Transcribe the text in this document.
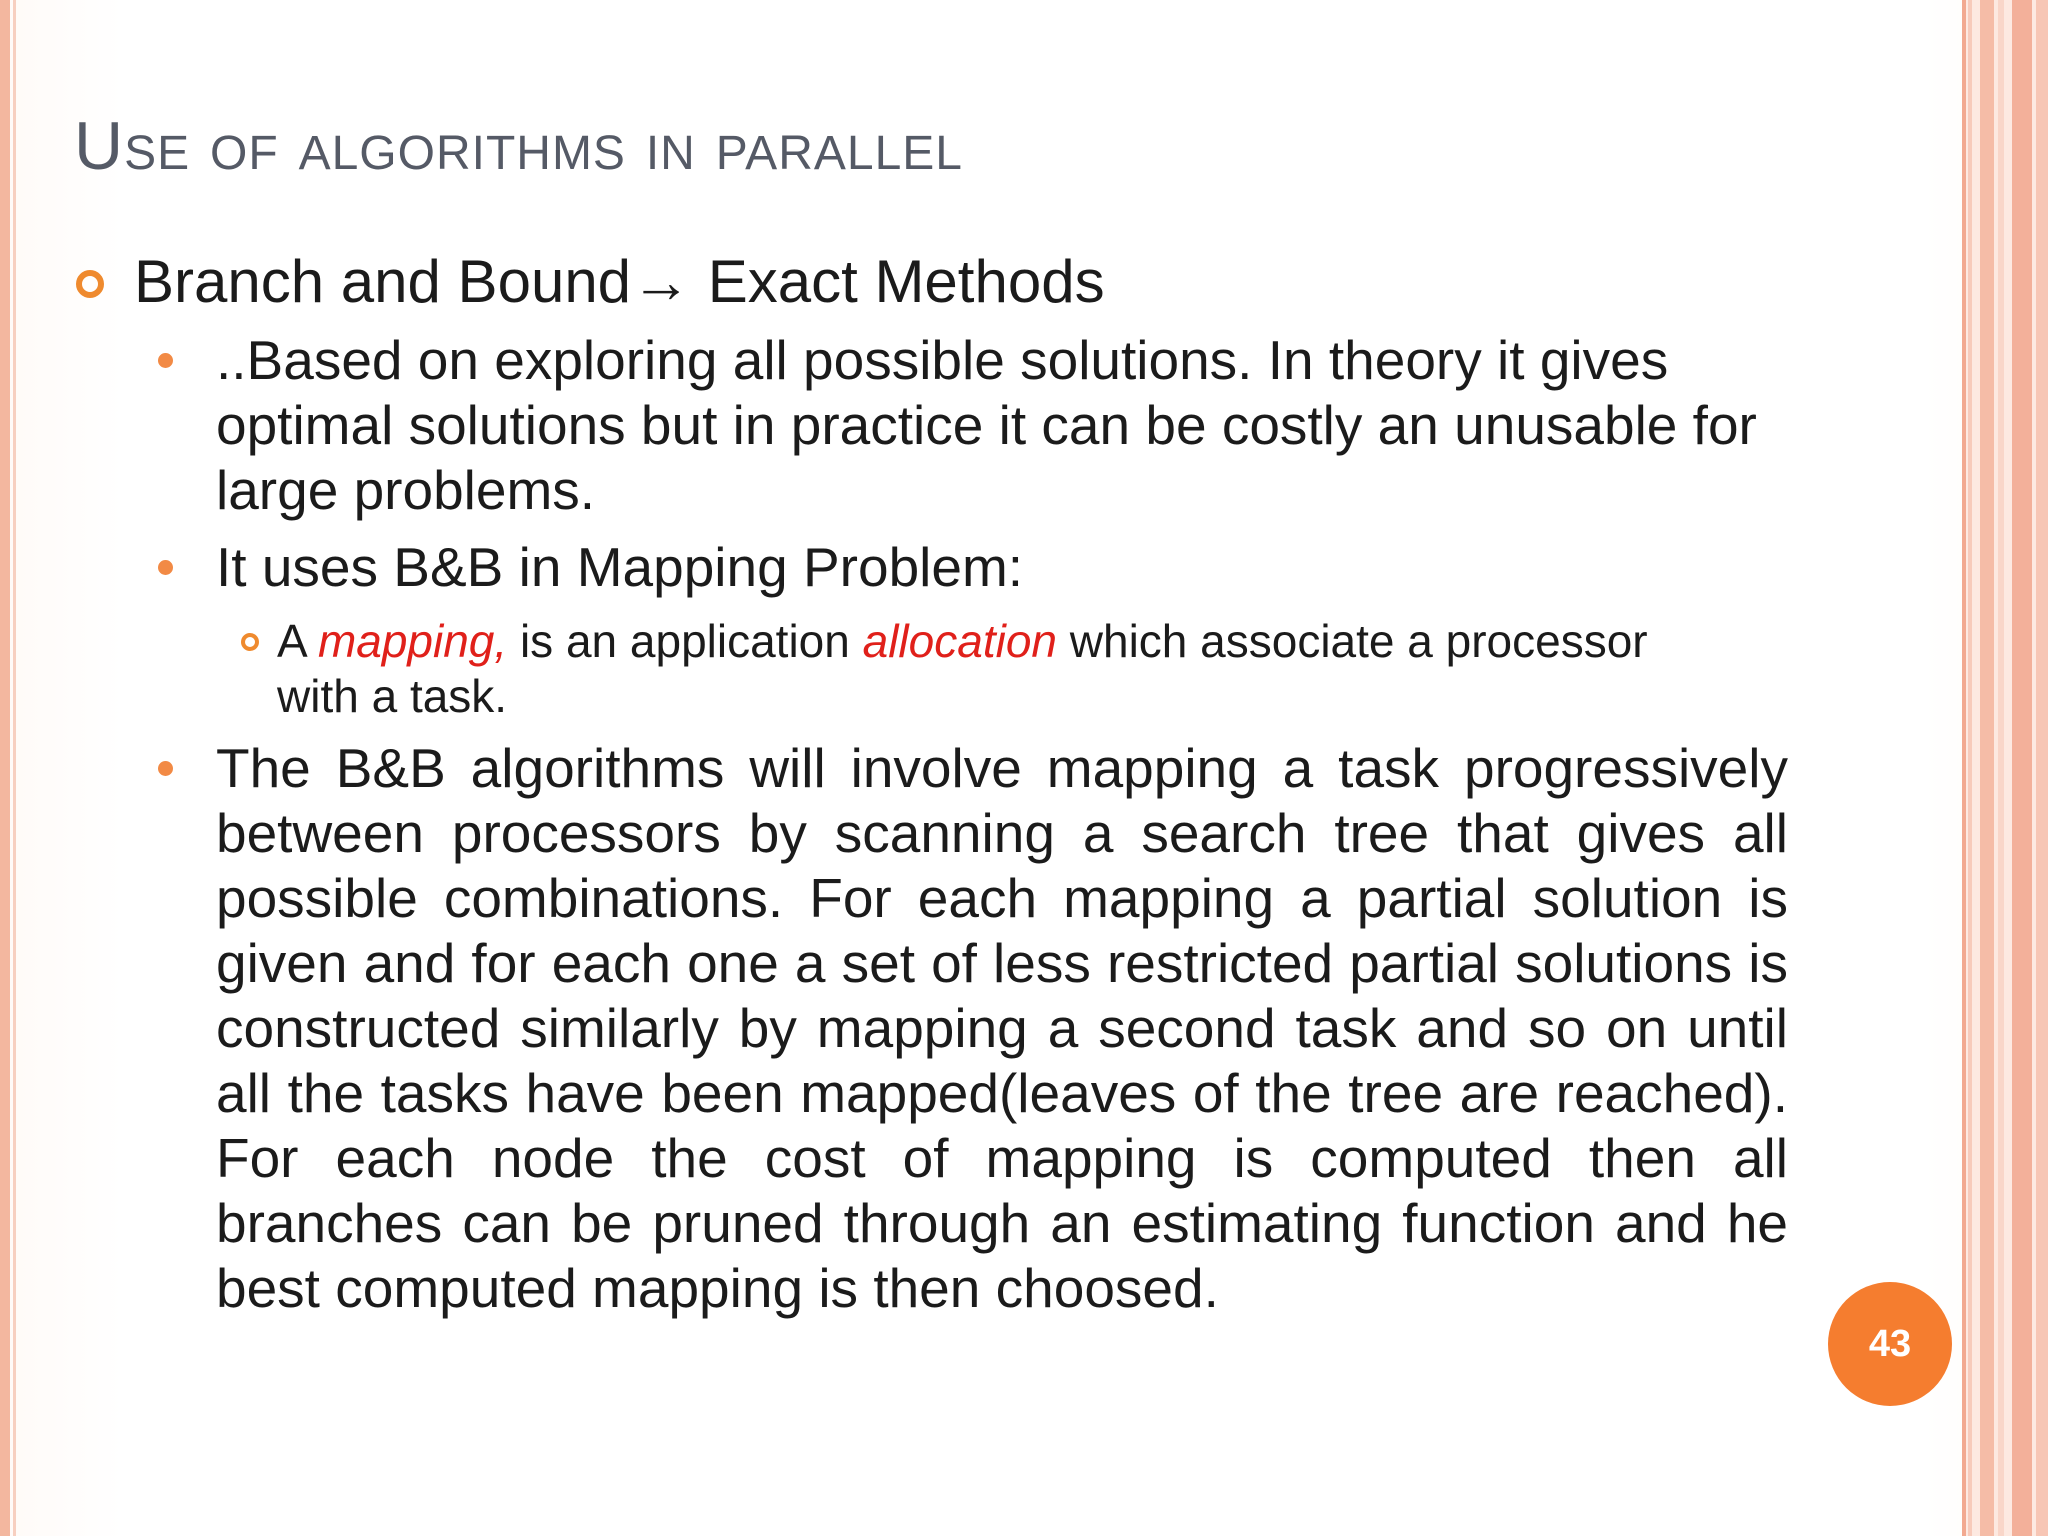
Use of algorithms in parallel
Branch and Bound→ Exact Methods
..Based on exploring all possible solutions. In theory it gives optimal solutions but in practice it can be costly an unusable for large problems.
It uses B&B in Mapping Problem:
A mapping, is an application allocation which associate a processor with a task.
The B&B algorithms will involve mapping a task progressively between processors by scanning a search tree that gives all possible combinations. For each mapping a partial solution is given and for each one a set of less restricted partial solutions is constructed similarly by mapping a second task and so on until all the tasks have been mapped(leaves of the tree are reached). For each node the cost of mapping is computed then all branches can be pruned through an estimating function and he best computed mapping is then choosed.
43
